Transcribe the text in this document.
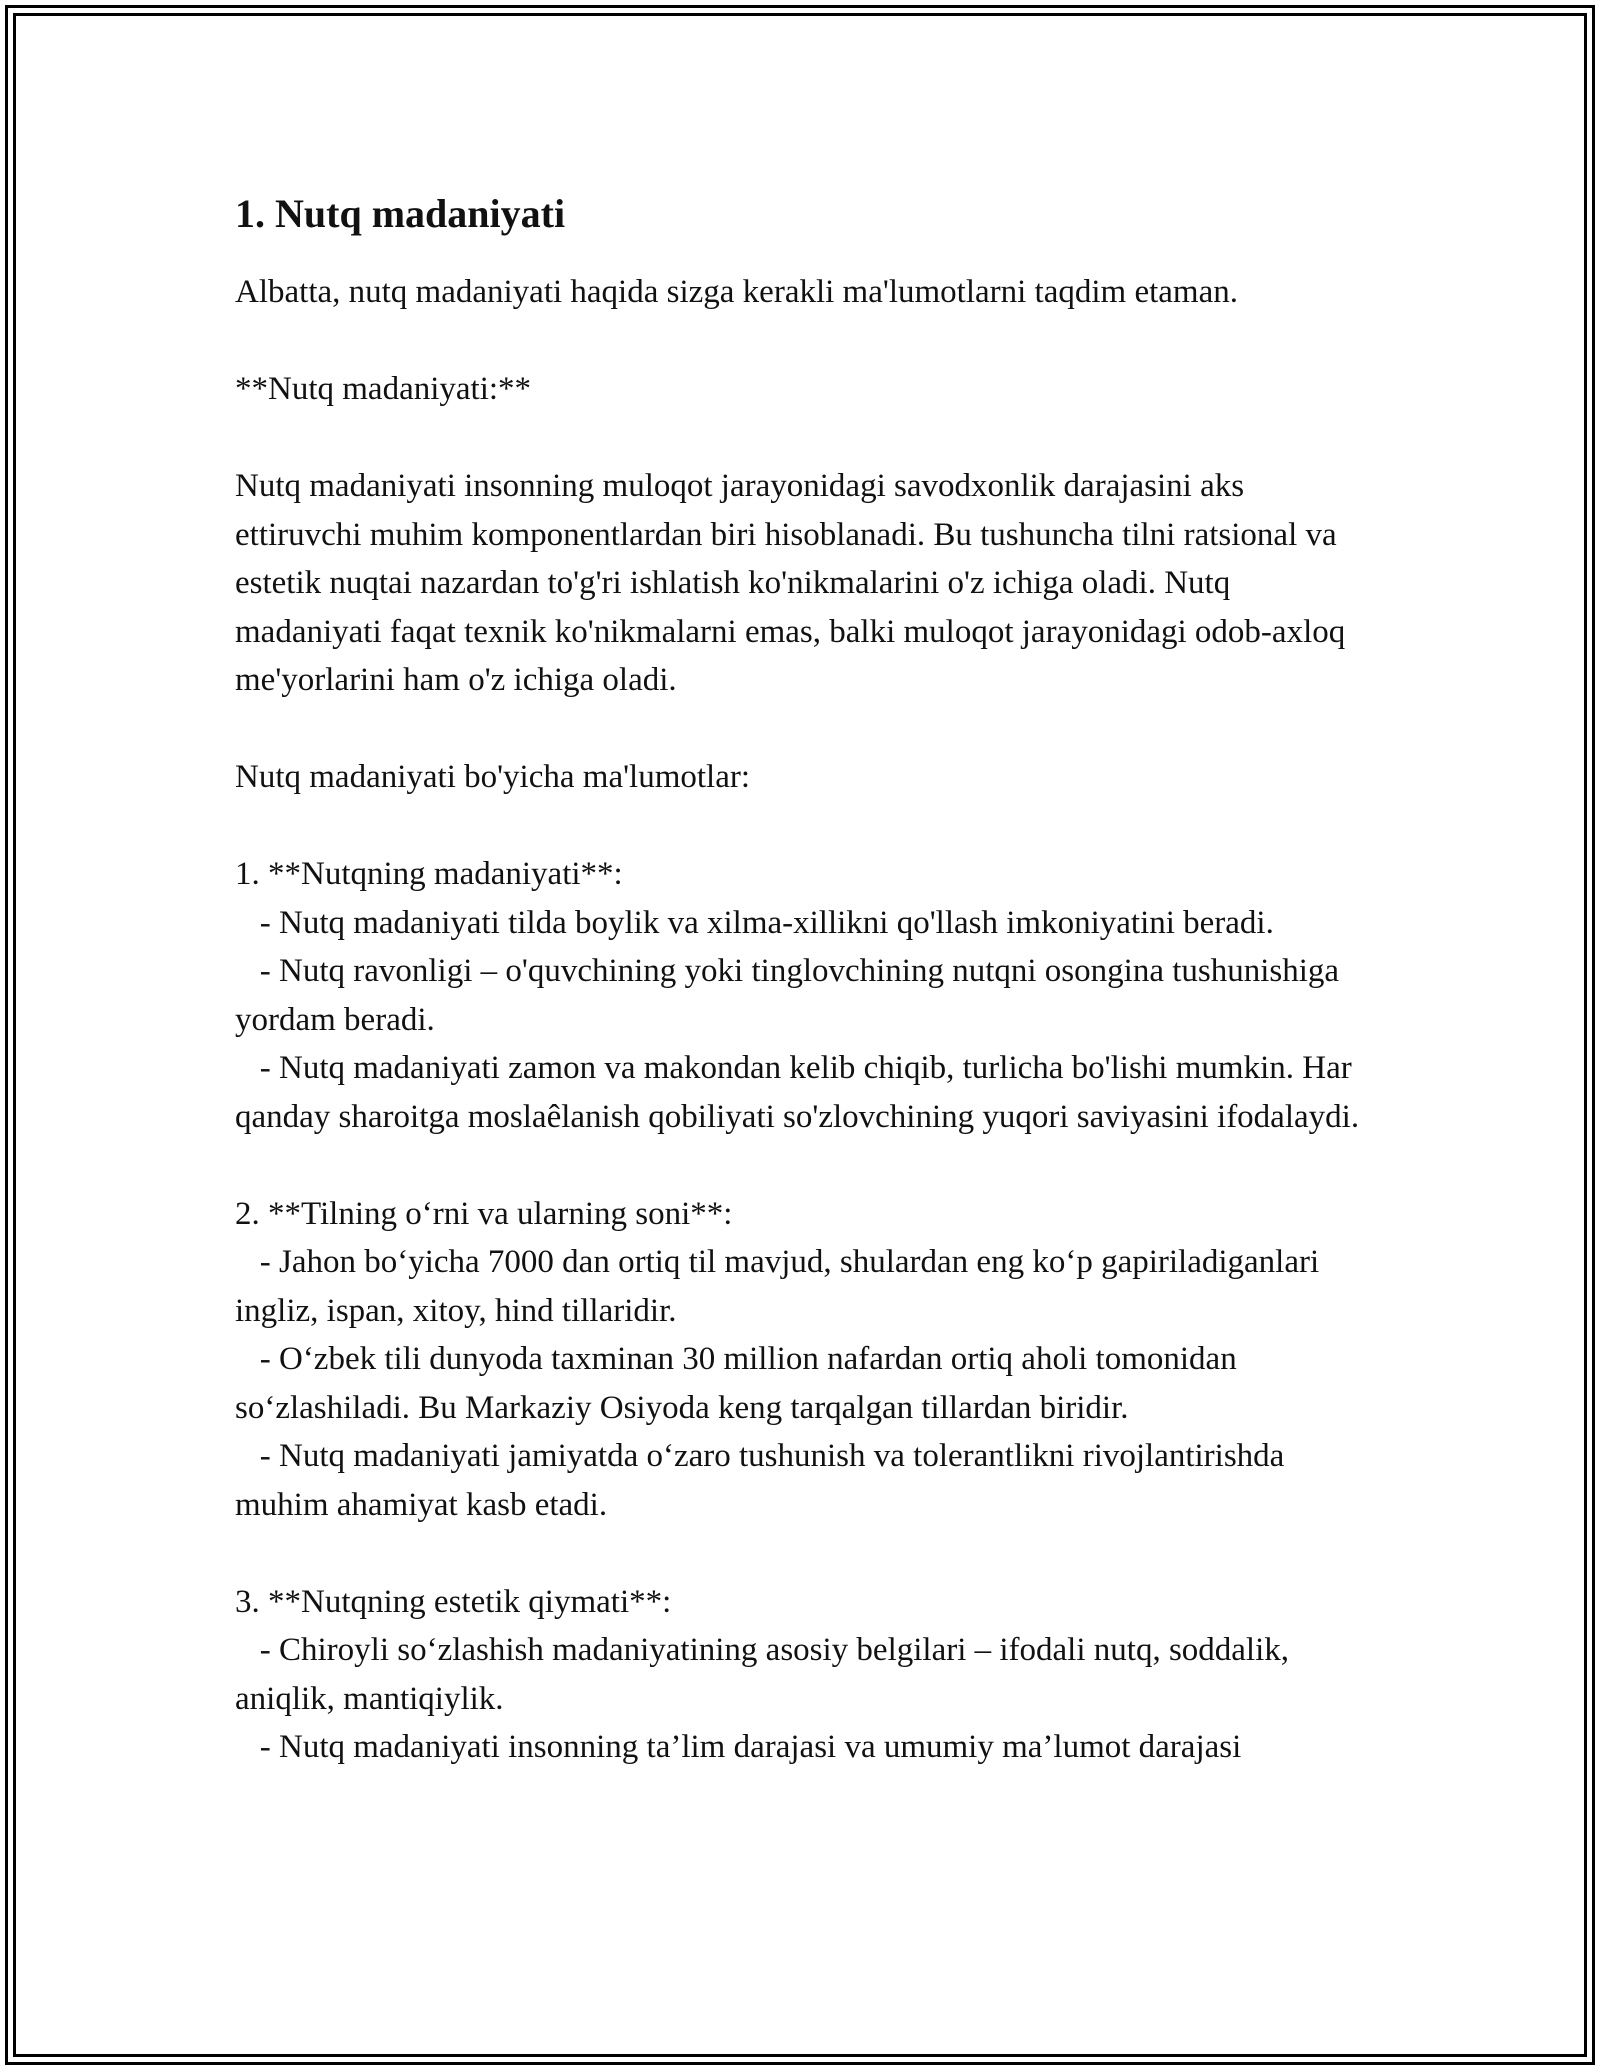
1. Nutq madaniyati

Albatta, nutq madaniyati haqida sizga kerakli ma'lumotlarni taqdim etaman.

**Nutq madaniyati:**

Nutq madaniyati insonning muloqot jarayonidagi savodxonlik darajasini aks ettiruvchi muhim komponentlardan biri hisoblanadi. Bu tushuncha tilni ratsional va estetik nuqtai nazardan to'g'ri ishlatish ko'nikmalarini o'z ichiga oladi. Nutq madaniyati faqat texnik ko'nikmalarni emas, balki muloqot jarayonidagi odob-axloq me'yorlarini ham o'z ichiga oladi.

Nutq madaniyati bo'yicha ma'lumotlar:

1. **Nutqning madaniyati**:

- Nutq madaniyati tilda boylik va xilma-xillikni qo'llash imkoniyatini beradi.

- Nutq ravonligi – o'quvchining yoki tinglovchining nutqni osongina tushunishiga yordam beradi.

- Nutq madaniyati zamon va makondan kelib chiqib, turlicha bo'lishi mumkin. Har qanday sharoitga moslaêlanish qobiliyati so'zlovchining yuqori saviyasini ifodalaydi.

2. **Tilning o‘rni va ularning soni**:

- Jahon bo‘yicha 7000 dan ortiq til mavjud, shulardan eng ko‘p gapiriladiganlari ingliz, ispan, xitoy, hind tillaridir.

- O‘zbek tili dunyoda taxminan 30 million nafardan ortiq aholi tomonidan so‘zlashiladi. Bu Markaziy Osiyoda keng tarqalgan tillardan biridir.

- Nutq madaniyati jamiyatda o‘zaro tushunish va tolerantlikni rivojlantirishda muhim ahamiyat kasb etadi.

3. **Nutqning estetik qiymati**:

- Chiroyli so‘zlashish madaniyatining asosiy belgilari – ifodali nutq, soddalik, aniqlik, mantiqiylik.

- Nutq madaniyati insonning ta’lim darajasi va umumiy ma’lumot darajasi
